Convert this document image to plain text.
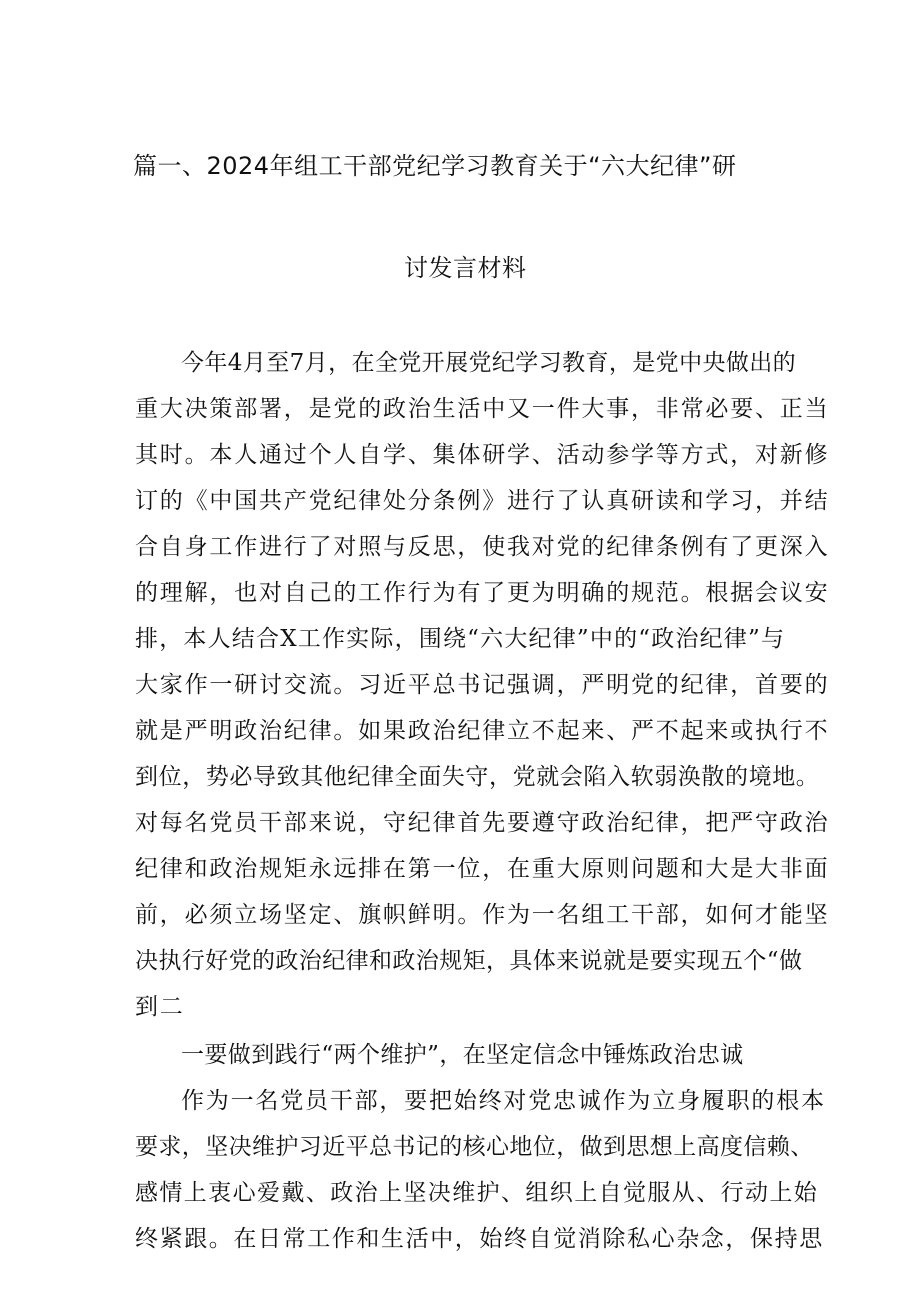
篇一、2024年组工干部党纪学习教育关于“六大纪律”研
讨发言材料
今年4月至7月，在全党开展党纪学习教育，是党中央做出的
重大决策部署，是党的政治生活中又一件大事，非常必要、正当
其时。本人通过个人自学、集体研学、活动参学等方式，对新修
订的《中国共产党纪律处分条例》进行了认真研读和学习，并结
合自身工作进行了对照与反思，使我对党的纪律条例有了更深入
的理解，也对自己的工作行为有了更为明确的规范。根据会议安
排，本人结合X工作实际，围绕“六大纪律”中的“政治纪律”与
大家作一研讨交流。习近平总书记强调，严明党的纪律，首要的
就是严明政治纪律。如果政治纪律立不起来、严不起来或执行不
到位，势必导致其他纪律全面失守，党就会陷入软弱涣散的境地。
对每名党员干部来说，守纪律首先要遵守政治纪律，把严守政治
纪律和政治规矩永远排在第一位，在重大原则问题和大是大非面
前，必须立场坚定、旗帜鲜明。作为一名组工干部，如何才能坚
决执行好党的政治纪律和政治规矩，具体来说就是要实现五个“做
到二
一要做到践行“两个维护”，在坚定信念中锤炼政治忠诚
作为一名党员干部，要把始终对党忠诚作为立身履职的根本
要求，坚决维护习近平总书记的核心地位，做到思想上高度信赖、
感情上衷心爱戴、政治上坚决维护、组织上自觉服从、行动上始
终紧跟。在日常工作和生活中，始终自觉消除私心杂念，保持思
